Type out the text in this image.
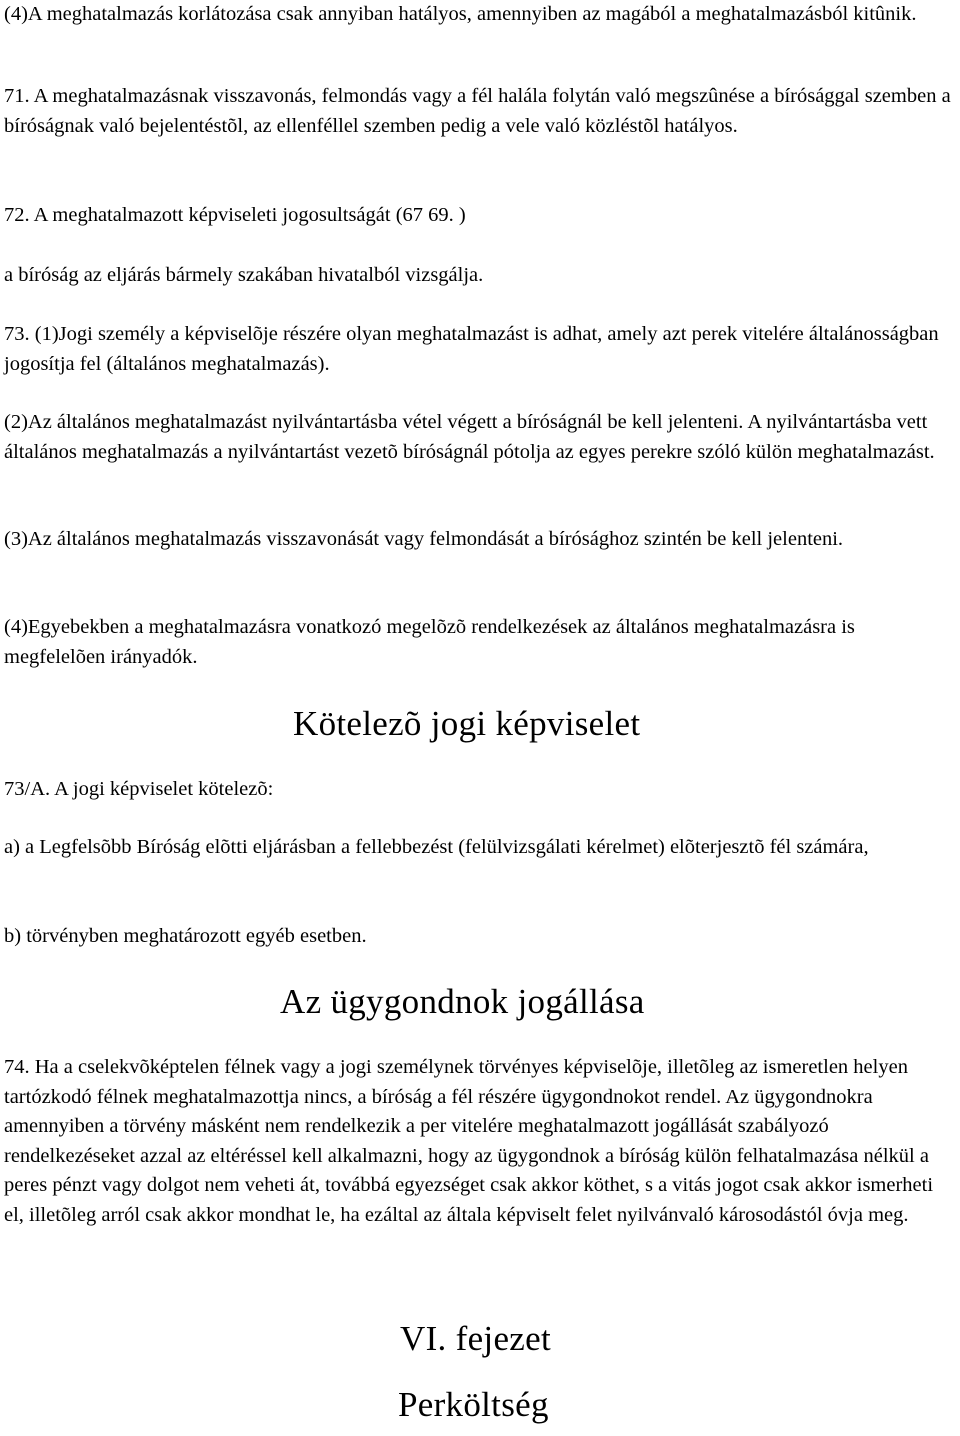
(4)A meghatalmazás korlátozása csak annyiban hatályos, amennyiben az magából a meghatalmazásból kitûnik.

71. A meghatalmazásnak visszavonás, felmondás vagy a fél halála folytán való megszûnése a bírósággal szemben a bíróságnak való bejelentéstõl, az ellenféllel szemben pedig a vele való közléstõl hatályos.

72. A meghatalmazott képviseleti jogosultságát (67 69. )

a bíróság az eljárás bármely szakában hivatalból vizsgálja.

73. (1)Jogi személy a képviselõje részére olyan meghatalmazást is adhat, amely azt perek vitelére általánosságban jogosítja fel (általános meghatalmazás).

(2)Az általános meghatalmazást nyilvántartásba vétel végett a bíróságnál be kell jelenteni. A nyilvántartásba vett általános meghatalmazás a nyilvántartást vezetõ bíróságnál pótolja az egyes perekre szóló külön meghatalmazást.

(3)Az általános meghatalmazás visszavonását vagy felmondását a bírósághoz szintén be kell jelenteni.

(4)Egyebekben a meghatalmazásra vonatkozó megelõzõ rendelkezések az általános meghatalmazásra is megfelelõen irányadók.

Kötelezõ jogi képviselet

73/A. A jogi képviselet kötelezõ:

a) a Legfelsõbb Bíróság elõtti eljárásban a fellebbezést (felülvizsgálati kérelmet) elõterjesztõ fél számára,

b) törvényben meghatározott egyéb esetben.

Az ügygondnok jogállása

74. Ha a cselekvõképtelen félnek vagy a jogi személynek törvényes képviselõje, illetõleg az ismeretlen helyen tartózkodó félnek meghatalmazottja nincs, a bíróság a fél részére ügygondnokot rendel. Az ügygondnokra amennyiben a törvény másként nem rendelkezik a per vitelére meghatalmazott jogállását szabályozó rendelkezéseket azzal az eltéréssel kell alkalmazni, hogy az ügygondnok a bíróság külön felhatalmazása nélkül a peres pénzt vagy dolgot nem veheti át, továbbá egyezséget csak akkor köthet, s a vitás jogot csak akkor ismerheti el, illetõleg arról csak akkor mondhat le, ha ezáltal az általa képviselt felet nyilvánvaló károsodástól óvja meg.

VI. fejezet
Perköltség
